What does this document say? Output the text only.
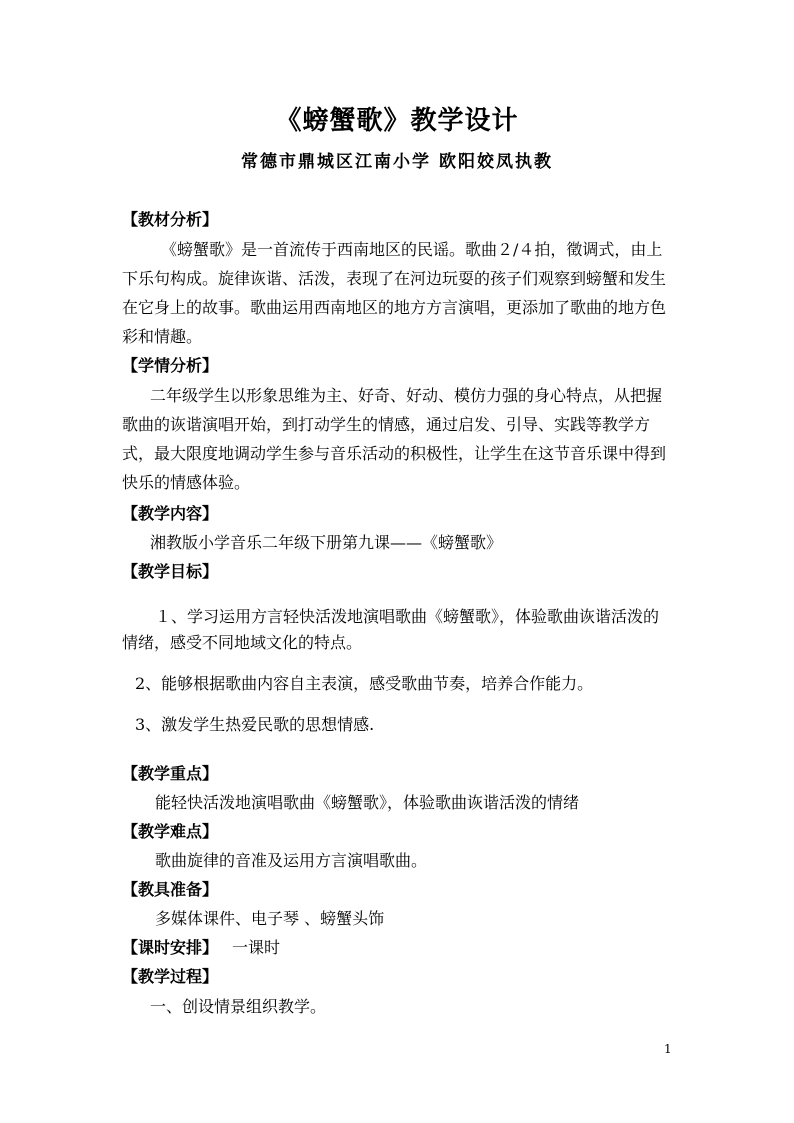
《螃蟹歌》教学设计
常德市鼎城区江南小学 欧阳姣凤执教
【教材分析】
《螃蟹歌》是一首流传于西南地区的民谣。歌曲２/４拍，徵调式，由上
下乐句构成。旋律诙谐、活泼，表现了在河边玩耍的孩子们观察到螃蟹和发生
在它身上的故事。歌曲运用西南地区的地方方言演唱，更添加了歌曲的地方色
彩和情趣。
【学情分析】
二年级学生以形象思维为主、好奇、好动、模仿力强的身心特点，从把握
歌曲的诙谐演唱开始，到打动学生的情感，通过启发、引导、实践等教学方
式，最大限度地调动学生参与音乐活动的积极性，让学生在这节音乐课中得到
快乐的情感体验。
【教学内容】
湘教版小学音乐二年级下册第九课——《螃蟹歌》
【教学目标】
１、学习运用方言轻快活泼地演唱歌曲《螃蟹歌》，体验歌曲诙谐活泼的
情绪，感受不同地域文化的特点。
2、能够根据歌曲内容自主表演，感受歌曲节奏，培养合作能力。
3、激发学生热爱民歌的思想情感.
【教学重点】
能轻快活泼地演唱歌曲《螃蟹歌》，体验歌曲诙谐活泼的情绪
【教学难点】
歌曲旋律的音准及运用方言演唱歌曲。
【教具准备】
多媒体课件、电子琴 、螃蟹头饰
【课时安排】 一课时
【教学过程】
一、创设情景组织教学。
1
